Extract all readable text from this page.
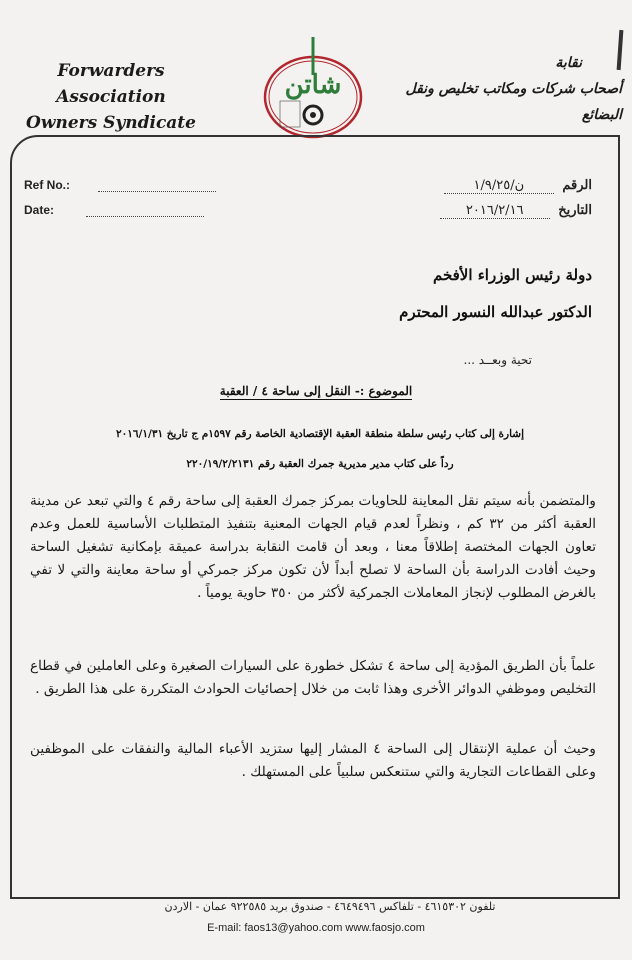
Forwarders Association
Owners Syndicate
شاتن
نقابة
أصحاب شركات ومكاتب تخليص ونقل البضائع
Ref No.:
Date:
الرقم ن/١/٩/٢٥
التاريخ ٢٠١٦/٢/١٦
دولة رئيس الوزراء الأفخم
الدكتور عبدالله النسور المحترم
تحية وبعــد ...
الموضوع :- النقل إلى ساحة ٤ / العقبة
إشارة إلى كتاب رئيس سلطة منطقة العقبة الإقتصادية الخاصة رقم ١٥٩٧م ج تاريخ ٢٠١٦/١/٣١
رداً على كتاب مدير مديرية جمرك العقبة رقم ٢٢٠/١٩/٢/٢١٣١
والمتضمن بأنه سيتم نقل المعاينة للحاويات بمركز جمرك العقبة إلى ساحة رقم ٤ والتي تبعد عن مدينة العقبة أكثر من ٣٢ كم ، ونظراً لعدم قيام الجهات المعنية بتنفيذ المتطلبات الأساسية للعمل وعدم تعاون الجهات المختصة إطلاقاً معنا ، وبعد أن قامت النقابة بدراسة عميقة بإمكانية تشغيل الساحة وحيث أفادت الدراسة بأن الساحة لا تصلح أبداً لأن تكون مركز جمركي أو ساحة معاينة والتي لا تفي بالغرض المطلوب لإنجاز المعاملات الجمركية لأكثر من ٣٥٠ حاوية يومياً .
علماً بأن الطريق المؤدية إلى ساحة ٤ تشكل خطورة على السيارات الصغيرة وعلى العاملين في قطاع التخليص وموظفي الدوائر الأخرى وهذا ثابت من خلال إحصائيات الحوادث المتكررة على هذا الطريق .
وحيث أن عملية الإنتقال إلى الساحة ٤ المشار إليها ستزيد الأعباء المالية والنفقات على الموظفين وعلى القطاعات التجارية والتي ستنعكس سلبياً على المستهلك .
تلفون ٤٦١٥٣٠٢ - تلفاكس ٤٦٤٩٤٩٦ - صندوق بريد ٩٢٢٥٨٥ عمان - الاردن
E-mail: faos13@yahoo.com www.faosjo.com
